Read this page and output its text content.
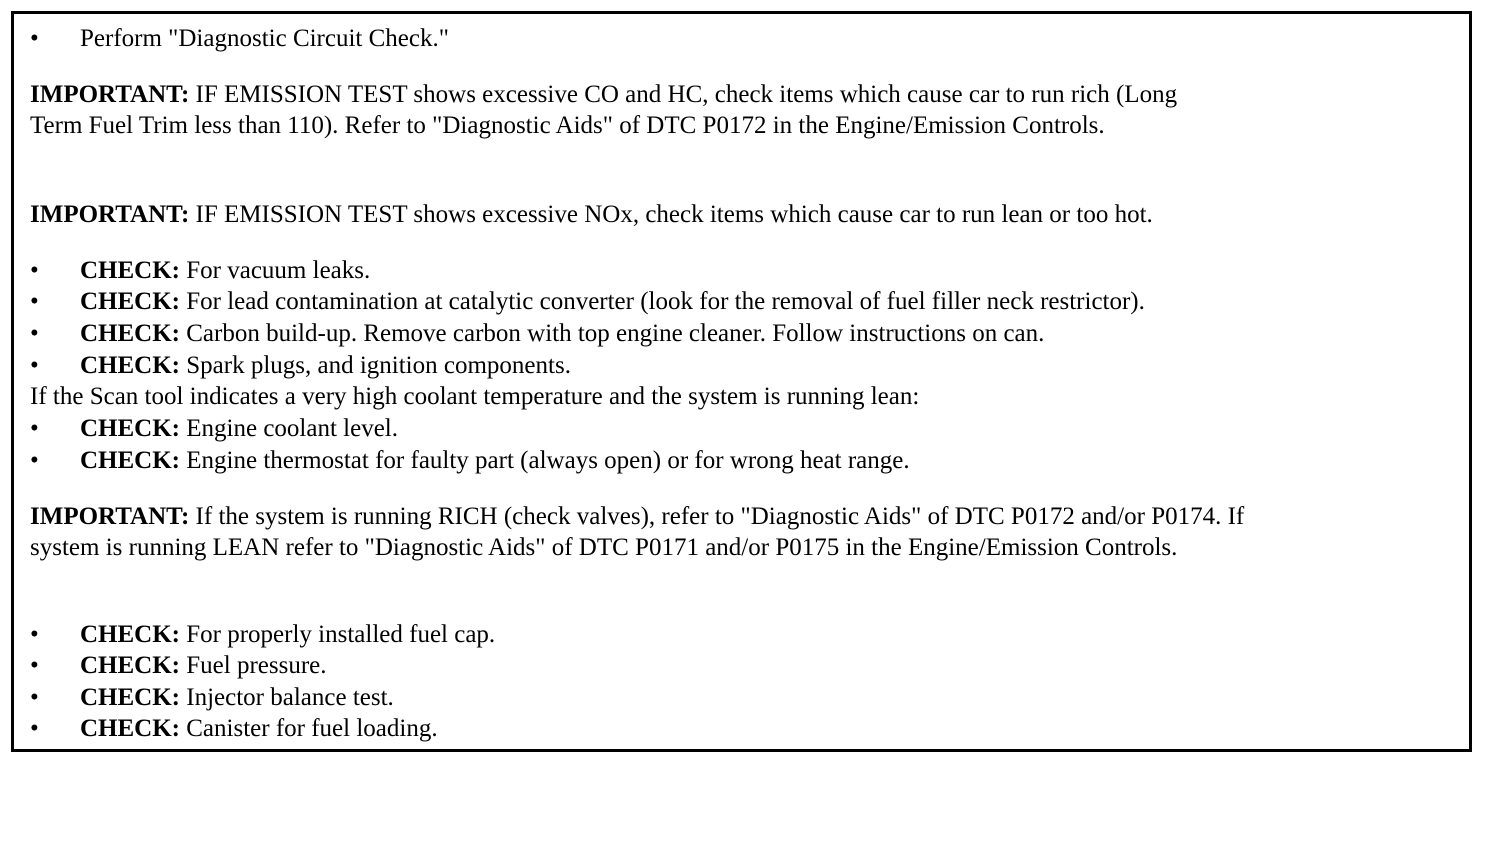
•	Perform "Diagnostic Circuit Check."
IMPORTANT: IF EMISSION TEST shows excessive CO and HC, check items which cause car to run rich (Long
Term Fuel Trim less than 110). Refer to "Diagnostic Aids" of DTC P0172 in the Engine/Emission Controls.
IMPORTANT: IF EMISSION TEST shows excessive NOx, check items which cause car to run lean or too hot.
•	CHECK: For vacuum leaks.
•	CHECK: For lead contamination at catalytic converter (look for the removal of fuel filler neck restrictor).
•	CHECK: Carbon build-up. Remove carbon with top engine cleaner. Follow instructions on can.
•	CHECK: Spark plugs, and ignition components.
If the Scan tool indicates a very high coolant temperature and the system is running lean:
•	CHECK: Engine coolant level.
•	CHECK: Engine thermostat for faulty part (always open) or for wrong heat range.
IMPORTANT: If the system is running RICH (check valves), refer to "Diagnostic Aids" of DTC P0172 and/or P0174. If
system is running LEAN refer to "Diagnostic Aids" of DTC P0171 and/or P0175 in the Engine/Emission Controls.
•	CHECK: For properly installed fuel cap.
•	CHECK: Fuel pressure.
•	CHECK: Injector balance test.
•	CHECK: Canister for fuel loading.
